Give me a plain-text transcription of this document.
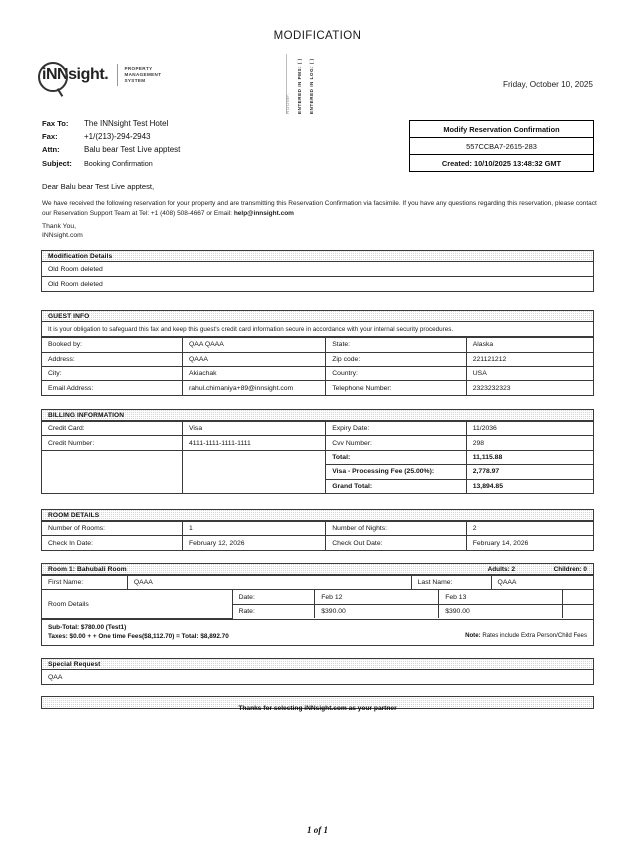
MODIFICATION
iNN sight .	PROPERTY
MANAGEMENT
SYSTEM
ROOM#: ENTERED IN PMS: ( ) ENTERED IN LOG: ( )	Friday, October 10, 2025
Modify Reservation Confirmation
557CCBA7-2615-283
Created: 10/10/2025 13:48:32 GMT
Fax To:	The INNsight Test Hotel
Fax:	+1/(213)-294-2943
Attn:	Balu bear Test Live apptest
Subject:	Booking Confirmation
Dear Balu bear Test Live apptest,
We have received the following reservation for your property and are transmitting this Reservation Confirmation via facsimile. If you have any questions regarding this reservation, please contact our Reservation Support Team at Tel: +1 (408) 508-4667 or Email: help@innsight.com
Thank You,
INNsight.com
Modification Details
Old Room deleted
Old Room deleted
GUEST INFO
It is your obligation to safeguard this fax and keep this guest's credit card information secure in accordance with your internal security procedures.
Booked by:	QAA QAAA	State:	Alaska
Address:	QAAA	Zip code:	221121212
City:	Akiachak	Country:	USA
Email Address:	rahul.chimaniya+89@innsight.com	Telephone Number:	2323232323
BILLING INFORMATION
Credit Card:	Visa	Expiry Date:	11/2036
Credit Number:	4111-1111-1111-1111	Cvv Number:	298
		Total:	11,115.88
		Visa - Processing Fee (25.00%):	2,778.97
		Grand Total:	13,894.85
ROOM DETAILS
Number of Rooms:	1	Number of Nights:	2
Check In Date:	February 12, 2026	Check Out Date:	February 14, 2026
Room 1: Bahubali Room	Adults: 2	Children: 0
First Name:	QAAA	Last Name:	QAAA
Room Details	Date:	Feb 12	Feb 13	
	Rate:	$390.00	$390.00	
Sub-Total: $780.00 (Test1)
Taxes: $0.00 + + One time Fees($8,112.70) = Total: $8,892.70	Note: Rates include Extra Person/Child Fees
Special Request
QAA
Thanks for selecting iNNsight.com as your partner
1 of 1
